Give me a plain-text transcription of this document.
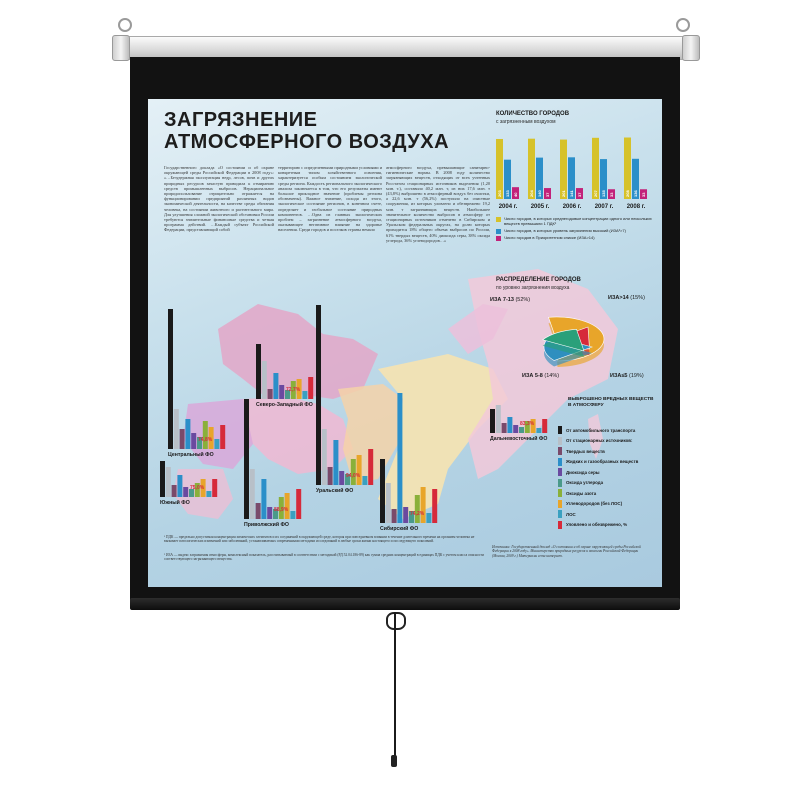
ЗАГРЯЗНЕНИЕ АТМОСФЕРНОГО ВОЗДУХА
Государственного доклада «О состоянии и об охране окружающей среды Российской Федерации в 2008 году»: «…Безудержная эксплуатация недр, лесов, почв и других природных ресурсов зачастую приводила к отмиранию средств промышленных выбросов. Нерациональное природопользование отрицательно отражается на функционировании предприятий различных видов экономической деятельности, на качестве среды обитания человека, на состоянии животного и растительного мира. Для улучшения сложной экологической обстановки России требуются значительные финансовые средства и четкая программа действий. …Каждый субъект Российской Федерации, представляющий собой
территорию с определенными природными условиями и конкретным типом хозяйственного освоения, характеризуется особым состоянием экологической среды региона. Каждость регионального экологического анализа заключается в том, что его результаты имеют большое прикладное значение (проблемы региона обозначены). Важное значение, исходя из этого, экологическое состояние регионов, в конечном счете, определяет и глобальное состояние природных компонентов. …Одна из главных экологических проблем – загрязнение атмосферного воздуха, оказывающее негативное влияние на здоровье населения. Среди городов и поселков страны немало
атмосферного воздуха, превышающие санитарно-гигиенические нормы. В 2008 году количество загрязняющих веществ, отходящих от всех учтенных Росстатом стационарных источников выделения (1,20 млн. т.), составило 40,2 млн. т, из них 17,6 млн. т (43,8%) выброшено в атмосферный воздух без очистки, а 22,6 млн. т (56,2%) поступило на очистные сооружения, из которых уловлено и обезврежено 19,2 млн. т загрязняющих веществ. Наибольшее значительное количество выбросов в атмосферу от стационарных источников отмечено в Сибирском и Уральском федеральных округах, на долю которых приходится 18% общего объема выбросов по России, 61% твердых веществ, 40% диоксида серы, 38% оксида углерода, 36% углеводородов…»
КОЛИЧЕСТВО ГОРОДОВ
с загрязненным воздухом
203 133 40
2004 г.
204 140 37
2005 г.
201 141 37
2006 г.
207 135 33
2007 г.
208 136 33
2008 г.
Число городов, в которых среднегодовые концентрации одного или нескольких веществ превышали 1 ПДК¹
Число городов, в которых уровень загрязнения высокий (ИЗА²>7)
Число городов в Приоритетном списке (ИЗА>14)
РАСПРЕДЕЛЕНИЕ ГОРОДОВ
по уровню загрязнения воздуха
ИЗА 7-13 (52%)	ИЗА>14 (15%)
ИЗА≤5 (19%)
ИЗА 5-8 (14%)
ВЫБРОШЕНО ВРЕДНЫХ ВЕЩЕСТВ В АТМОСФЕРУ
От автомобильного транспорта
От стационарных источников:
Твердых веществ
Жидких и газообразных веществ
Диоксида серы
Оксида углерода
Оксиды азота
Углеводородов (без ЛОС)
ЛОС
Уловлено и обезврежено, %
74,8%
Центральный ФО
72,7%
Северо-Западный ФО
75,0%
Южный ФО
88,9%
Приволжский ФО
94,0%
Уральский ФО
74,2%
Сибирский ФО
83,3%
Дальневосточный ФО
¹ ПДК — предельно допустимая концентрация химических элементов и их соединений в окружающей среде, которая при повседневном влиянии в течение длительного времени на организм человека не вызывает патологических изменений или заболеваний, устанавливаемых современными методами исследований в любые сроки жизни настоящего и последующего поколений.
² ИЗА — индекс загрязнения атмосферы, комплексный показатель, рассчитываемый в соответствии с методикой (РД 52.04.186-89) как сумма средних концентраций в единицах ПДК с учетом класса опасности соответствующего загрязняющего вещества.
Источники: Государственный доклад «О состоянии и об охране окружающей среды Российской Федерации в 2008 году». Министерство природных ресурсов и экологии Российской Федерации (Москва, 2009 г.) Материалы сети интернет.
